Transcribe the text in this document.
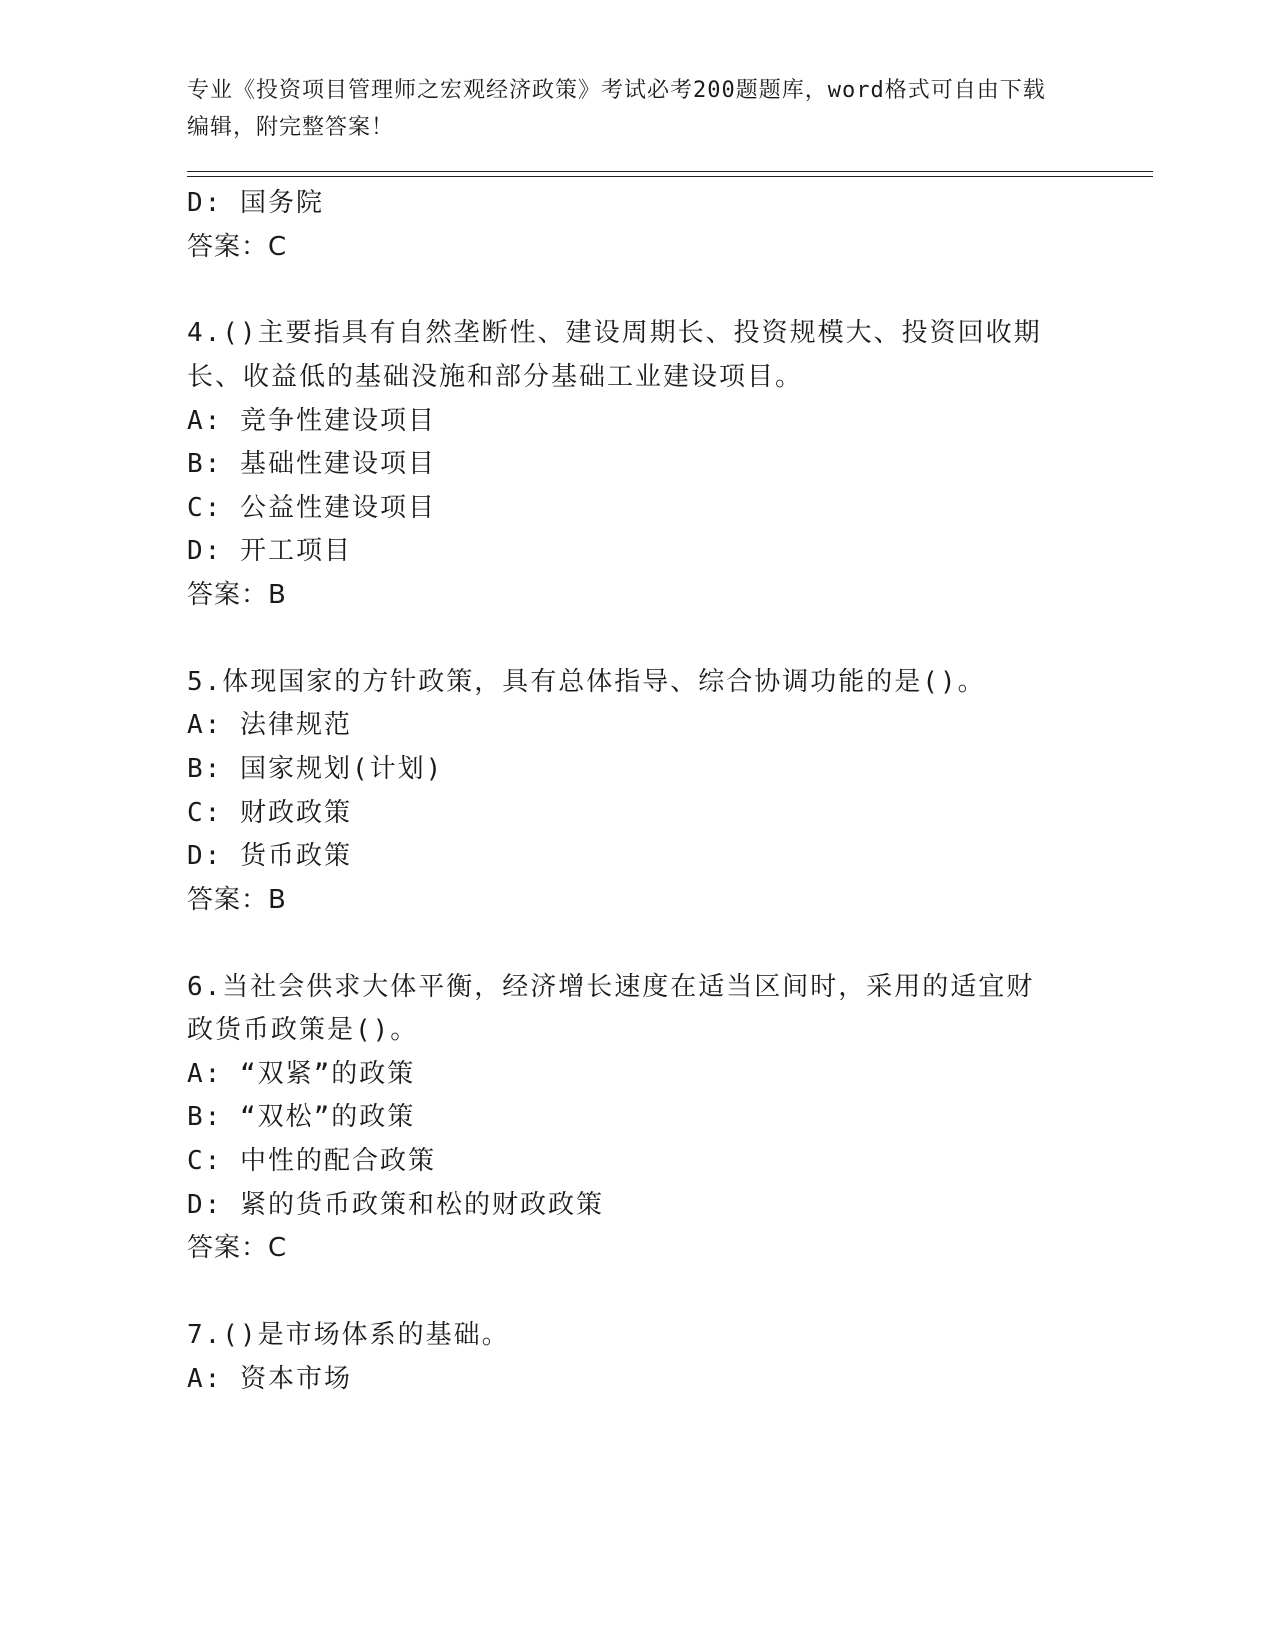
专业《投资项目管理师之宏观经济政策》考试必考200题题库，word格式可自由下载编辑，附完整答案！
D: 国务院
答案：C
4.()主要指具有自然垄断性、建设周期长、投资规模大、投资回收期
长、收益低的基础没施和部分基础工业建设项目。
A: 竞争性建设项目
B: 基础性建设项目
C: 公益性建设项目
D: 开工项目
答案：B
5.体现国家的方针政策，具有总体指导、综合协调功能的是()。
A: 法律规范
B: 国家规划(计划)
C: 财政政策
D: 货币政策
答案：B
6.当社会供求大体平衡，经济增长速度在适当区间时，采用的适宜财
政货币政策是()。
A: “双紧”的政策
B: “双松”的政策
C: 中性的配合政策
D: 紧的货币政策和松的财政政策
答案：C
7.()是市场体系的基础。
A: 资本市场
